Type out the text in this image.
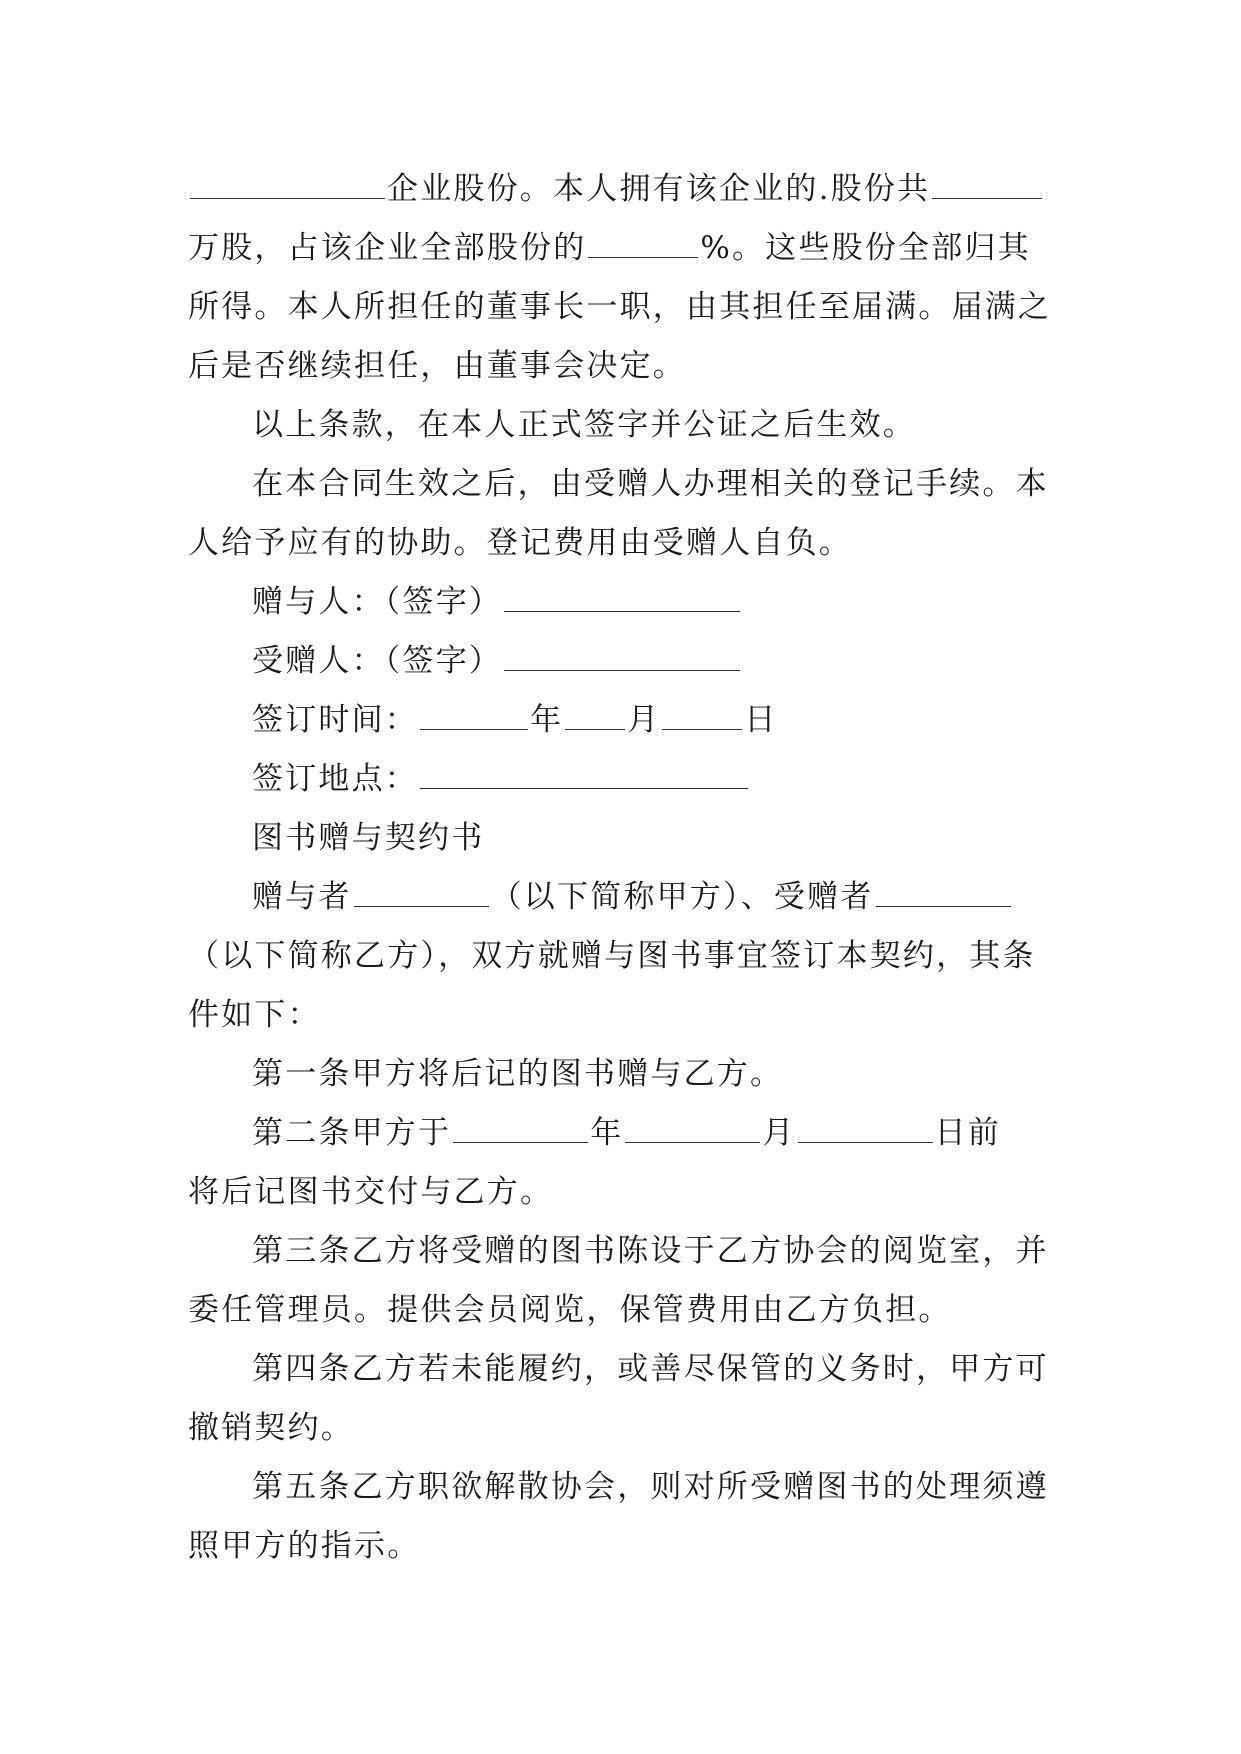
企业股份。本人拥有该企业的.股份共
万股，占该企业全部股份的	%。这些股份全部归其
所得。本人所担任的董事长一职，由其担任至届满。届满之
后是否继续担任，由董事会决定。
以上条款，在本人正式签字并公证之后生效。
在本合同生效之后，由受赠人办理相关的登记手续。本
人给予应有的协助。登记费用由受赠人自负。
赠与人：（签字）
受赠人：（签字）
签订时间：	年 月	日
签订地点：
图书赠与契约书
赠与者	（以下简称甲方）、受赠者
（以下简称乙方），双方就赠与图书事宜签订本契约，其条
件如下：
第一条甲方将后记的图书赠与乙方。
第二条甲方于	年	月	日前
将后记图书交付与乙方。
第三条乙方将受赠的图书陈设于乙方协会的阅览室，并
委任管理员。提供会员阅览，保管费用由乙方负担。
第四条乙方若未能履约，或善尽保管的义务时，甲方可
撤销契约。
第五条乙方职欲解散协会，则对所受赠图书的处理须遵
照甲方的指示。
